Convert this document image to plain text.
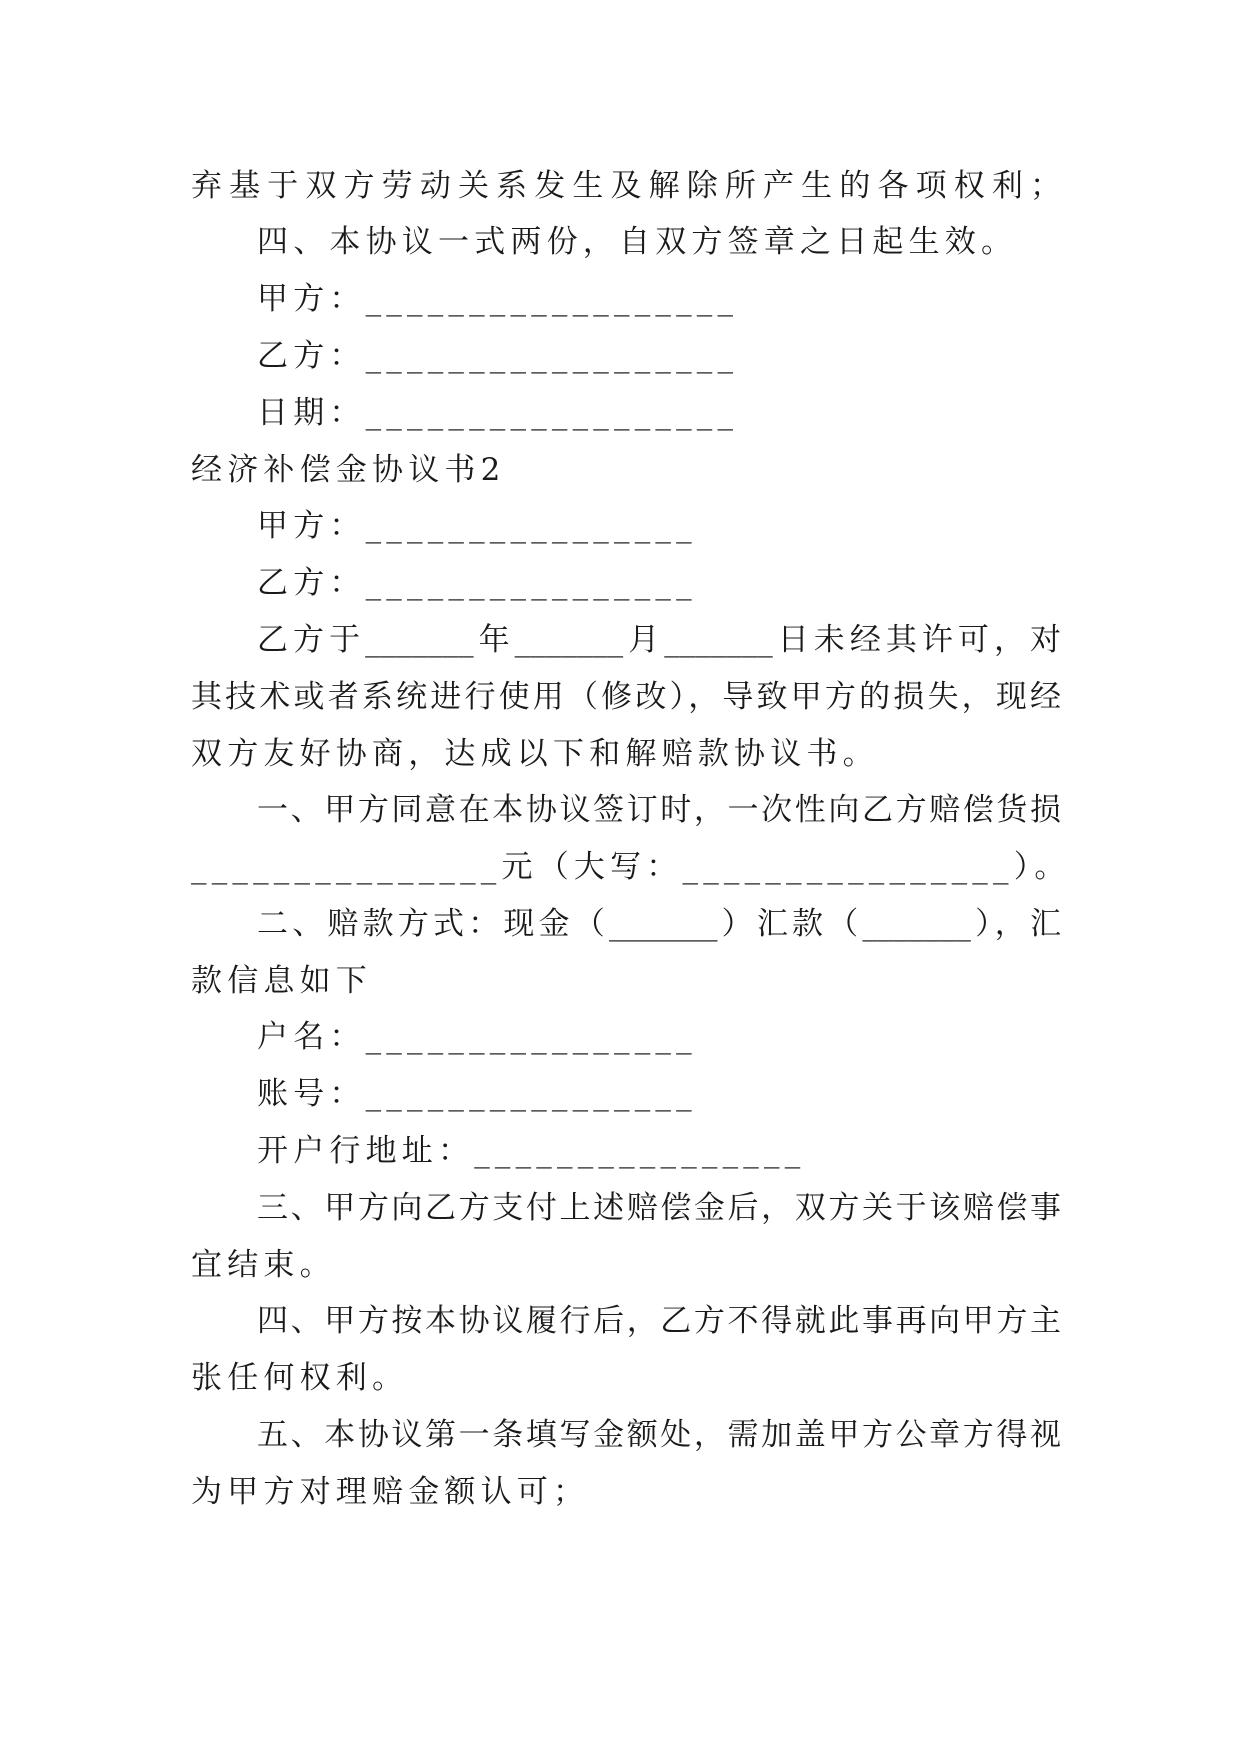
弃基于双方劳动关系发生及解除所产生的各项权利；
四、本协议一式两份，自双方签章之日起生效。
甲方：__________________
乙方：__________________
日期：__________________
经济补偿金协议书2
甲方：________________
乙方：________________
乙方于_______年_______月_______日未经其许可，对
其技术或者系统进行使用（修改），导致甲方的损失，现经
双方友好协商，达成以下和解赔款协议书。
一、甲方同意在本协议签订时，一次性向乙方赔偿货损
_______________元（大写：________________）。
二、赔款方式：现金（_______）汇款（_______），汇
款信息如下
户名：________________
账号：________________
开户行地址：________________
三、甲方向乙方支付上述赔偿金后，双方关于该赔偿事
宜结束。
四、甲方按本协议履行后，乙方不得就此事再向甲方主
张任何权利。
五、本协议第一条填写金额处，需加盖甲方公章方得视
为甲方对理赔金额认可；
